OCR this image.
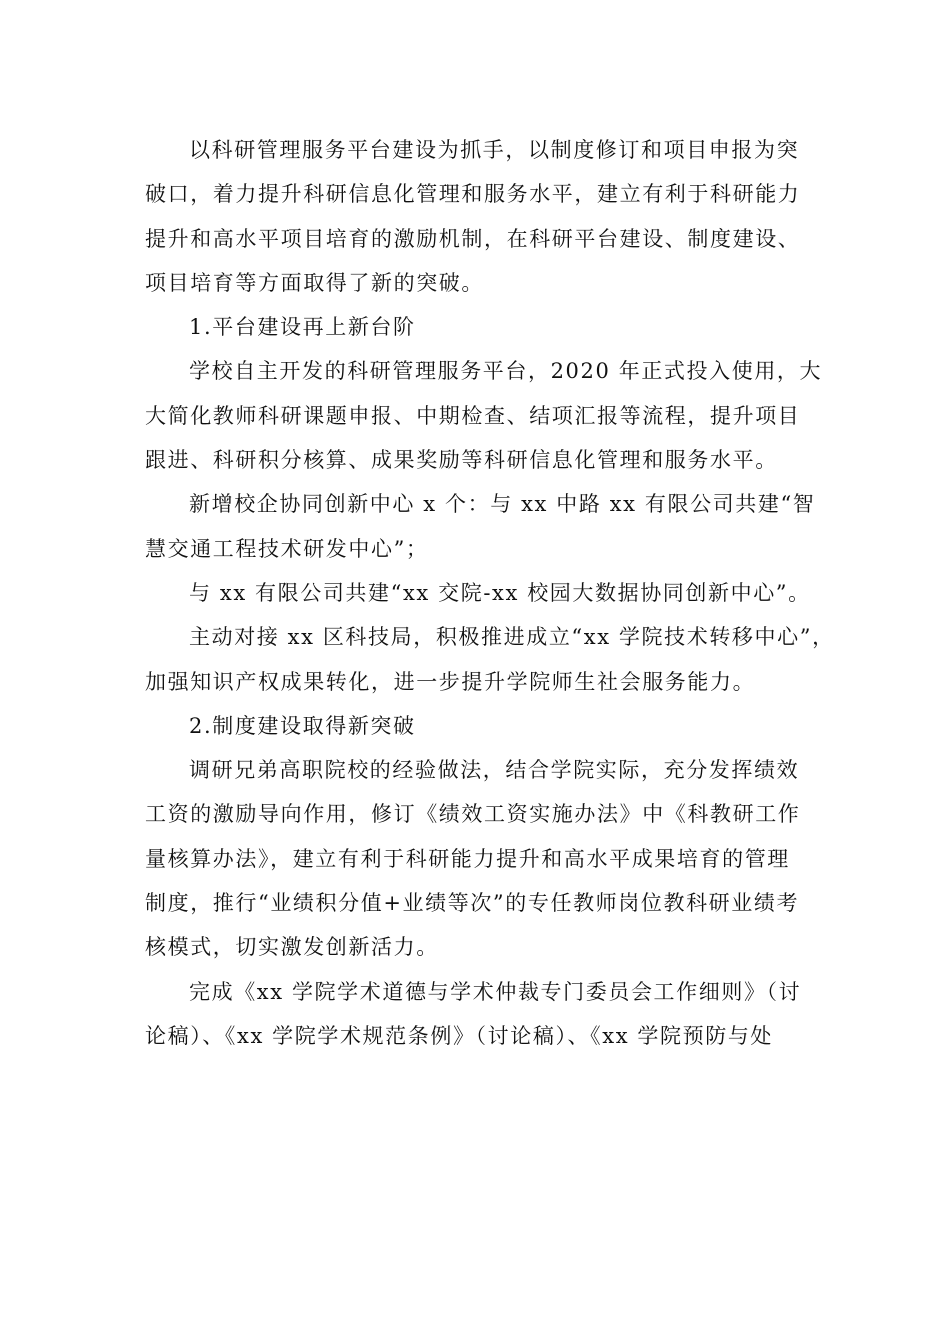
以科研管理服务平台建设为抓手，以制度修订和项目申报为突
破口，着力提升科研信息化管理和服务水平，建立有利于科研能力
提升和高水平项目培育的激励机制，在科研平台建设、制度建设、
项目培育等方面取得了新的突破。
1.平台建设再上新台阶
学校自主开发的科研管理服务平台，2020 年正式投入使用，大
大简化教师科研课题申报、中期检查、结项汇报等流程，提升项目
跟进、科研积分核算、成果奖励等科研信息化管理和服务水平。
新增校企协同创新中心 x 个：与 xx 中路 xx 有限公司共建“智
慧交通工程技术研发中心”；
与 xx 有限公司共建“xx 交院-xx 校园大数据协同创新中心”。
主动对接 xx 区科技局，积极推进成立“xx 学院技术转移中心”，
加强知识产权成果转化，进一步提升学院师生社会服务能力。
2.制度建设取得新突破
调研兄弟高职院校的经验做法，结合学院实际，充分发挥绩效
工资的激励导向作用，修订《绩效工资实施办法》中《科教研工作
量核算办法》，建立有利于科研能力提升和高水平成果培育的管理
制度，推行“业绩积分值+业绩等次”的专任教师岗位教科研业绩考
核模式，切实激发创新活力。
完成《xx 学院学术道德与学术仲裁专门委员会工作细则》（讨
论稿）、《xx 学院学术规范条例》（讨论稿）、《xx 学院预防与处
